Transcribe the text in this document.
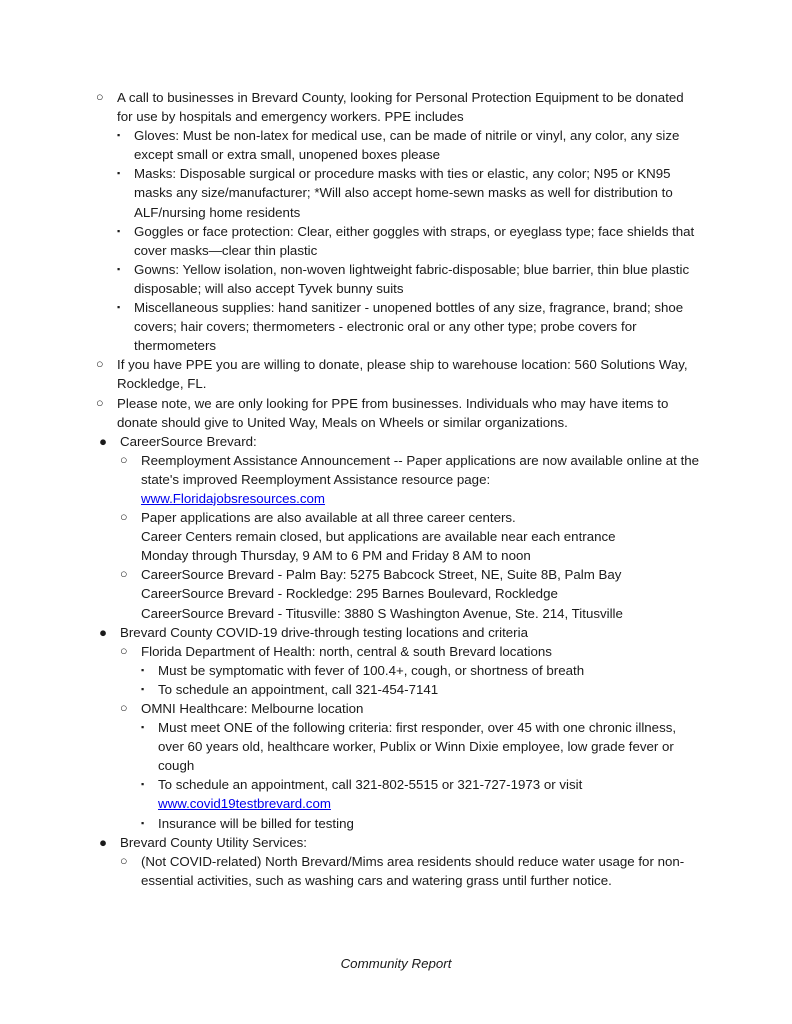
○ A call to businesses in Brevard County, looking for Personal Protection Equipment to be donated for use by hospitals and emergency workers. PPE includes
▪ Gloves: Must be non-latex for medical use, can be made of nitrile or vinyl, any color, any size except small or extra small, unopened boxes please
▪ Masks: Disposable surgical or procedure masks with ties or elastic, any color; N95 or KN95 masks any size/manufacturer; *Will also accept home-sewn masks as well for distribution to ALF/nursing home residents
▪ Goggles or face protection: Clear, either goggles with straps, or eyeglass type; face shields that cover masks—clear thin plastic
▪ Gowns: Yellow isolation, non-woven lightweight fabric-disposable; blue barrier, thin blue plastic disposable; will also accept Tyvek bunny suits
▪ Miscellaneous supplies: hand sanitizer - unopened bottles of any size, fragrance, brand; shoe covers; hair covers; thermometers - electronic oral or any other type; probe covers for thermometers
○ If you have PPE you are willing to donate, please ship to warehouse location: 560 Solutions Way, Rockledge, FL.
○ Please note, we are only looking for PPE from businesses. Individuals who may have items to donate should give to United Way, Meals on Wheels or similar organizations.
● CareerSource Brevard:
○ Reemployment Assistance Announcement -- Paper applications are now available online at the state's improved Reemployment Assistance resource page:
www.Floridajobsresources.com
○ Paper applications are also available at all three career centers.
Career Centers remain closed, but applications are available near each entrance
Monday through Thursday, 9 AM to 6 PM and Friday 8 AM to noon
○ CareerSource Brevard - Palm Bay: 5275 Babcock Street, NE, Suite 8B, Palm Bay
CareerSource Brevard - Rockledge: 295 Barnes Boulevard, Rockledge
CareerSource Brevard - Titusville: 3880 S Washington Avenue, Ste. 214, Titusville
● Brevard County COVID-19 drive-through testing locations and criteria
○ Florida Department of Health: north, central & south Brevard locations
▪ Must be symptomatic with fever of 100.4+, cough, or shortness of breath
▪ To schedule an appointment, call 321-454-7141
○ OMNI Healthcare: Melbourne location
▪ Must meet ONE of the following criteria: first responder, over 45 with one chronic illness, over 60 years old, healthcare worker, Publix or Winn Dixie employee, low grade fever or cough
▪ To schedule an appointment, call 321-802-5515 or 321-727-1973 or visit
www.covid19testbrevard.com
▪ Insurance will be billed for testing
● Brevard County Utility Services:
○ (Not COVID-related) North Brevard/Mims area residents should reduce water usage for non-essential activities, such as washing cars and watering grass until further notice.
Community Report
